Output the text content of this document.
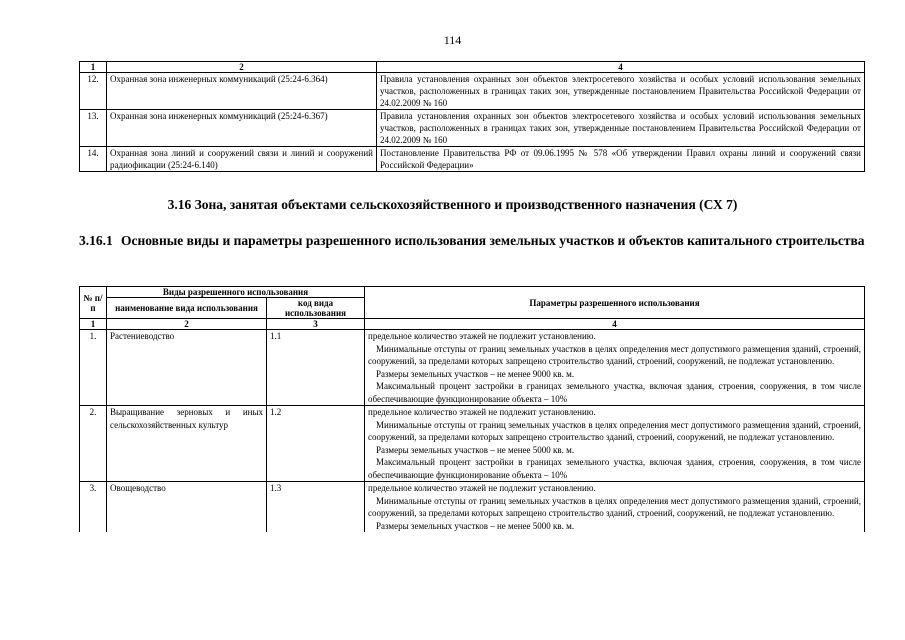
114
1	2	4
12.	Охранная зона инженерных коммуникаций (25:24-6.364)	Правила установления охранных зон объектов электросетевого хозяйства и особых условий использования земельных участков, расположенных в границах таких зон, утвержденные постановлением Правительства Российской Федерации от 24.02.2009 № 160
13.	Охранная зона инженерных коммуникаций (25:24-6.367)	Правила установления охранных зон объектов электросетевого хозяйства и особых условий использования земельных участков, расположенных в границах таких зон, утвержденные постановлением Правительства Российской Федерации от 24.02.2009 № 160
14.	Охранная зона линий и сооружений связи и линий и сооружений радиофикации (25:24-6.140)	Постановление Правительства РФ от 09.06.1995 № 578 «Об утверждении Правил охраны линий и сооружений связи Российской Федерации»
3.16 Зона, занятая объектами сельскохозяйственного и производственного назначения (СХ 7)
3.16.1 Основные виды и параметры разрешенного использования земельных участков и объектов капитального строительства
№ п/п	Виды разрешенного использования		Параметры разрешенного использования
	наименование вида использования	код вида использования	
1	2	3	4
1.	Растениеводство	1.1	предельное количество этажей не подлежит установлению.

Минимальные отступы от границ земельных участков в целях определения мест допустимого размещения зданий, строений, сооружений, за пределами которых запрещено строительство зданий, строений, сооружений, не подлежат установлению.

Размеры земельных участков – не менее 9000 кв. м.

Максимальный процент застройки в границах земельного участка, включая здания, строения, сооружения, в том числе обеспечивающие функционирование объекта – 10%

2.	Выращивание зерновых и иных сельскохозяйственных культур	1.2	предельное количество этажей не подлежит установлению.

Минимальные отступы от границ земельных участков в целях определения мест допустимого размещения зданий, строений, сооружений, за пределами которых запрещено строительство зданий, строений, сооружений, не подлежат установлению.

Размеры земельных участков – не менее 5000 кв. м.

Максимальный процент застройки в границах земельного участка, включая здания, строения, сооружения, в том числе обеспечивающие функционирование объекта – 10%

3.	Овощеводство	1.3	предельное количество этажей не подлежит установлению.

Минимальные отступы от границ земельных участков в целях определения мест допустимого размещения зданий, строений, сооружений, за пределами которых запрещено строительство зданий, строений, сооружений, не подлежат установлению.

Размеры земельных участков – не менее 5000 кв. м.
